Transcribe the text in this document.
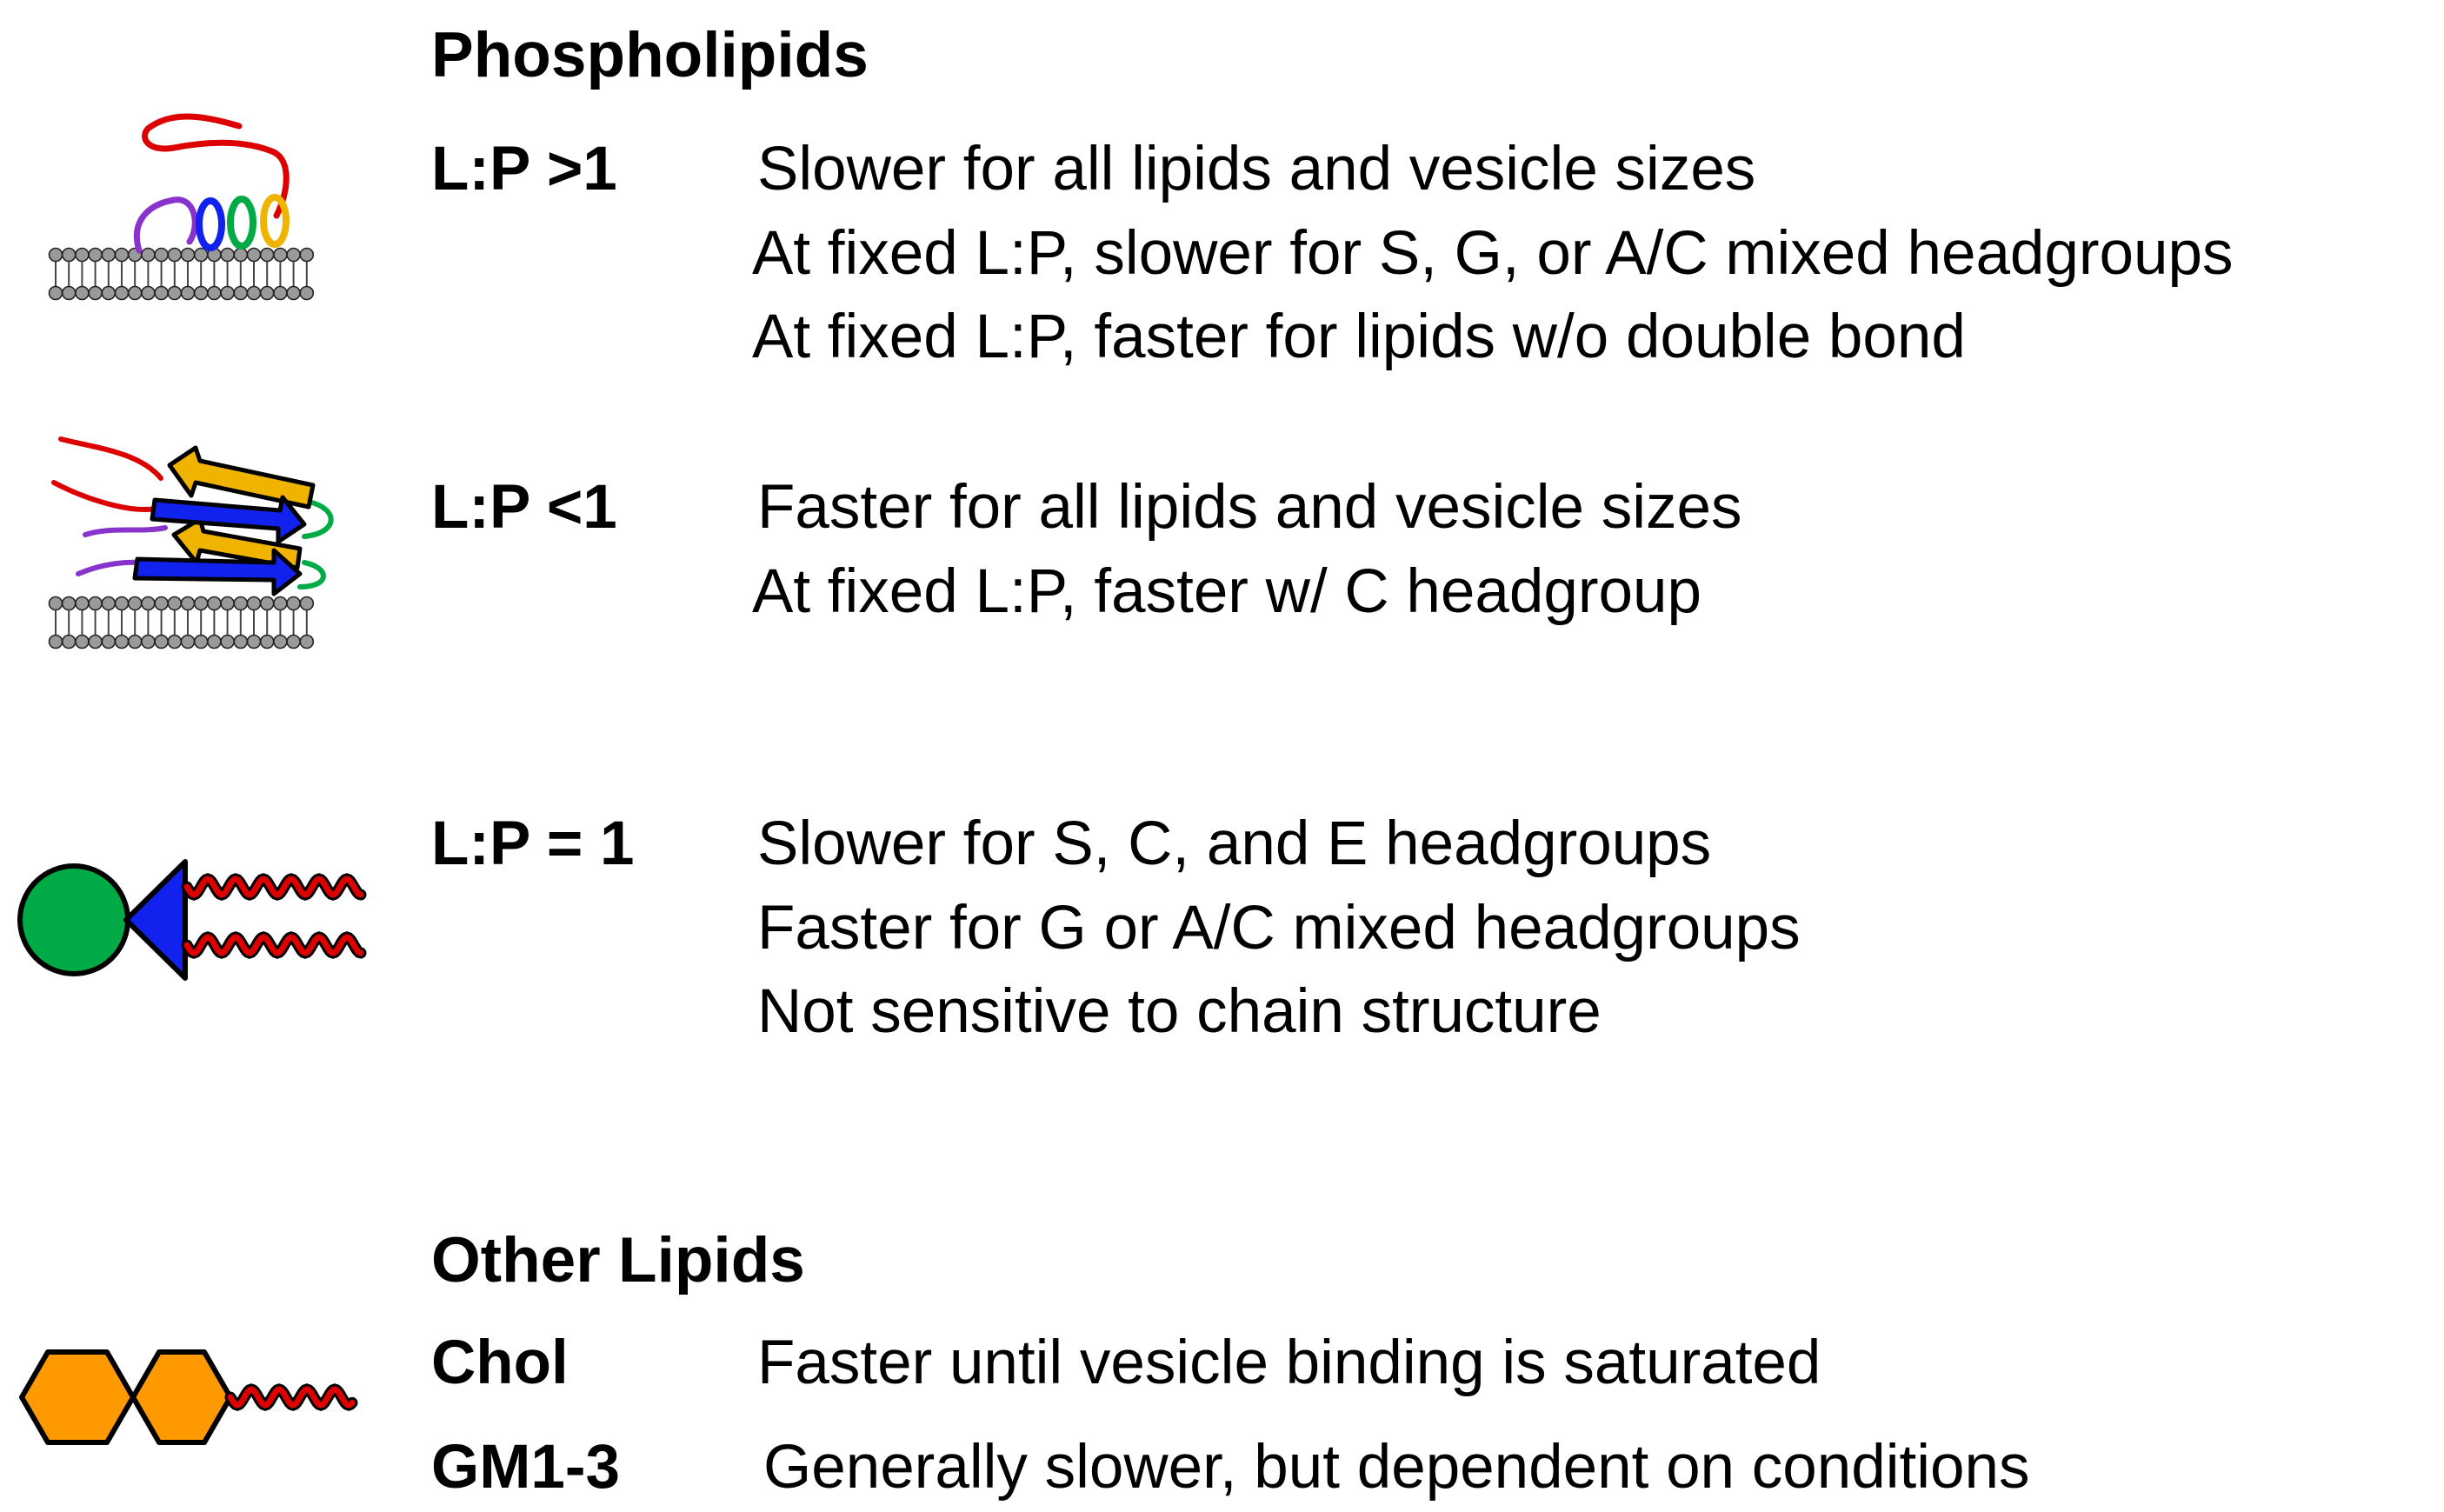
Phospholipids
L:P >1 Slower for all lipids and vesicle sizes
At fixed L:P, slower for S, G, or A/C mixed headgroups
At fixed L:P, faster for lipids w/o double bond
L:P <1 Faster for all lipids and vesicle sizes
At fixed L:P, faster w/ C headgroup
L:P = 1 Slower for S, C, and E headgroups
Faster for G or A/C mixed headgroups
Not sensitive to chain structure
Other Lipids
Chol	Faster until vesicle binding is saturated
GM1-3 Generally slower, but dependent on conditions
